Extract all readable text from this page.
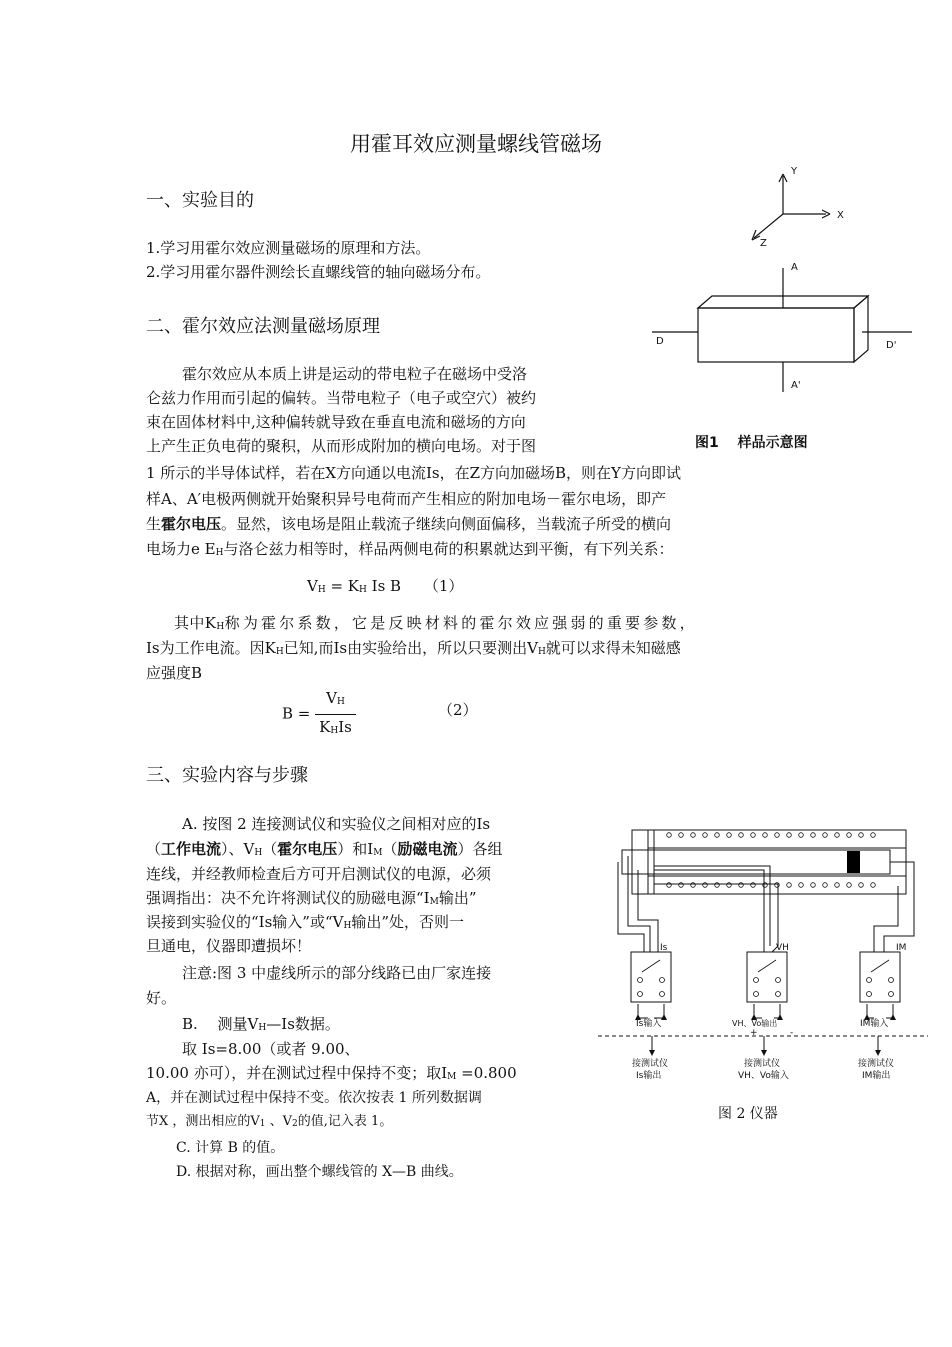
用霍耳效应测量螺线管磁场
一、实验目的
1.学习用霍尔效应测量磁场的原理和方法。
2.学习用霍尔器件测绘长直螺线管的轴向磁场分布。
二、霍尔效应法测量磁场原理
霍尔效应从本质上讲是运动的带电粒子在磁场中受洛
仑兹力作用而引起的偏转。当带电粒子（电子或空穴）被约
束在固体材料中,这种偏转就导致在垂直电流和磁场的方向
上产生正负电荷的聚积，从而形成附加的横向电场。对于图
1 所示的半导体试样，若在X方向通以电流Is，在Z方向加磁场B，则在Y方向即试
样A、A′电极两侧就开始聚积异号电荷而产生相应的附加电场－霍尔电场，即产
生霍尔电压。显然，该电场是阻止载流子继续向侧面偏移，当载流子所受的横向
电场力e $E_H$与洛仑兹力相等时，样品两侧电荷的积累就达到平衡，有下列关系：
$V_H = K_H$ Is B （1）
其中$K_H$称为霍尔系数，它是反映材料的霍尔效应强弱的重要参数，
Is为工作电流。因$K_H$已知,而Is由实验给出，所以只要测出$V_H$就可以求得未知磁感
应强度B
$B = \frac{V_H}{K_HIs}$	（2）
Y
X
Z
A
A'
D	D'
图1　 样品示意图
三、实验内容与步骤
A. 按图 2 连接测试仪和实验仪之间相对应的Is
（工作电流）、$V_H$（霍尔电压）和$I_M$（励磁电流）各组
连线，并经教师检查后方可开启测试仪的电源，必须
强调指出：决不允许将测试仪的励磁电源“$I_M$输出”
误接到实验仪的“Is输入”或“$V_H$输出”处，否则一
旦通电，仪器即遭损坏！
注意:图 3 中虚线所示的部分线路已由厂家连接
好。
B.　 测量$V_H—Is$数据。
取 Is=8.00（或者 9.00、
10.00 亦可），并在测试过程中保持不变；取$I_M =0.800$
A，并在测试过程中保持不变。依次按表 1 所列数据调
节X ，测出相应的$V_1$ 、$V_2$的值,记入表 1。
C. 计算 B 的值。
D. 根据对称，画出整个螺线管的 X—B 曲线。
Is	VH	IM
Is输入	VH、Vo输出	IM输入
+	-
接测试仪
Is输出
接测试仪
VH、Vo输入
接测试仪
IM输出
图 2 仪器
